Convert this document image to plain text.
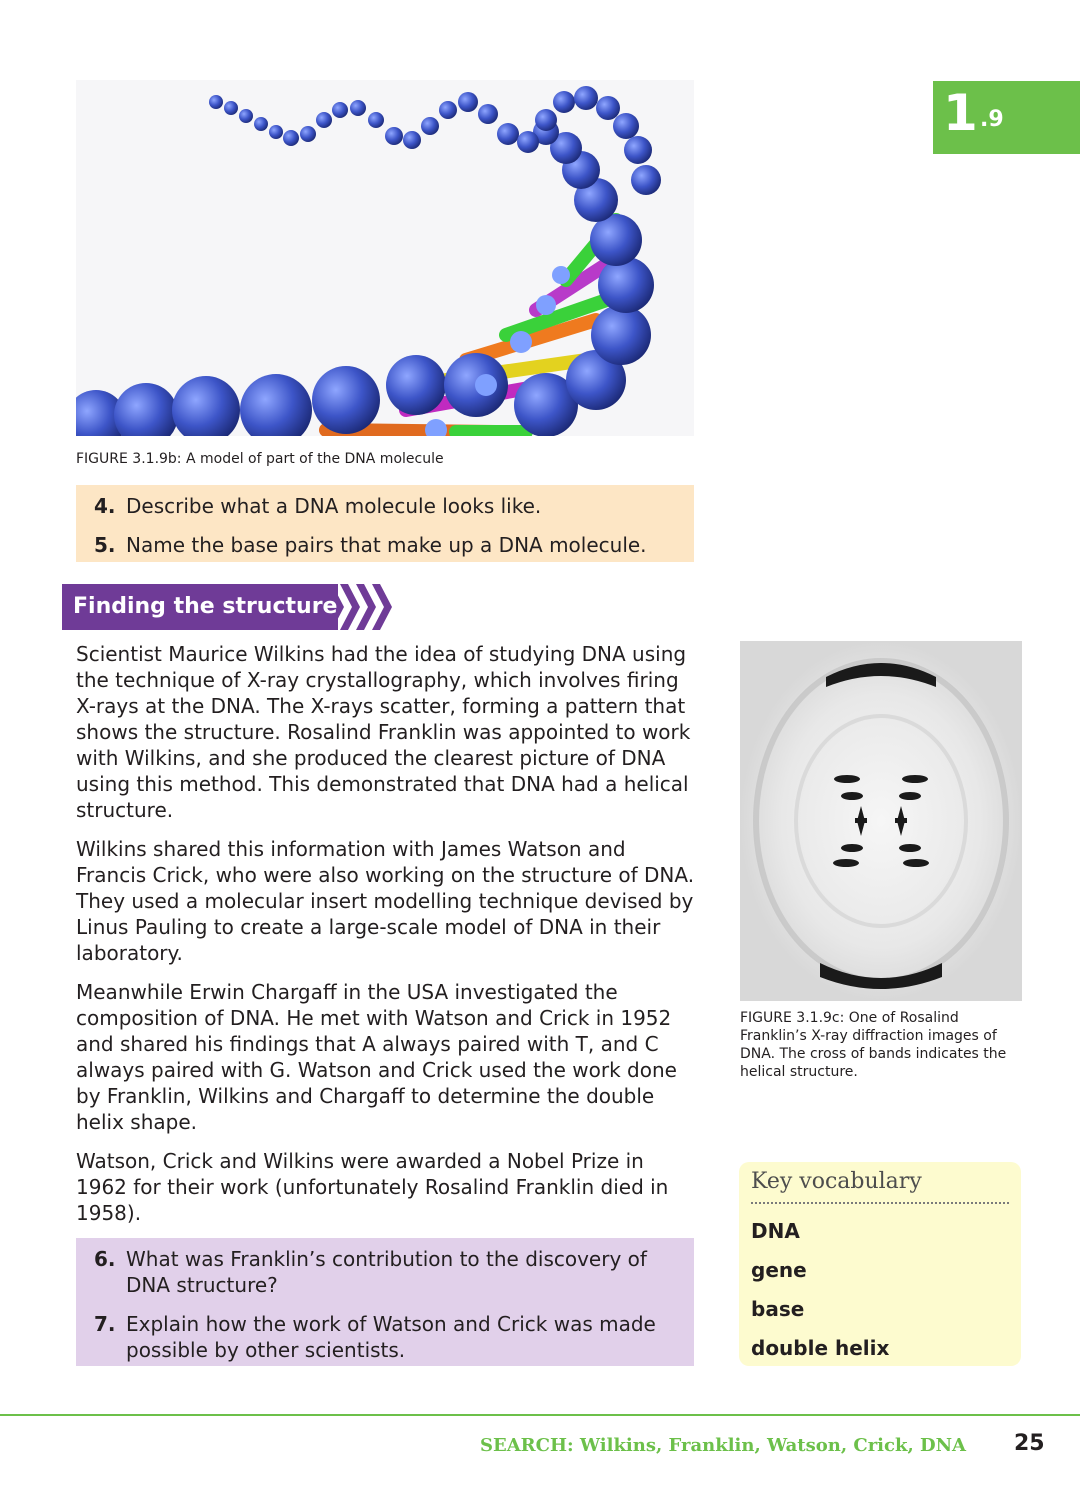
1 .9
FIGURE 3.1.9b: A model of part of the DNA molecule
4. Describe what a DNA molecule looks like.
5. Name the base pairs that make up a DNA molecule.
Finding the structure

Scientist Maurice Wilkins had the idea of studying DNA using the technique of X-ray crystallography, which involves firing X-rays at the DNA. The X-rays scatter, forming a pattern that shows the structure. Rosalind Franklin was appointed to work with Wilkins, and she produced the clearest picture of DNA using this method. This demonstrated that DNA had a helical structure.

Wilkins shared this information with James Watson and Francis Crick, who were also working on the structure of DNA. They used a molecular insert modelling technique devised by Linus Pauling to create a large-scale model of DNA in their laboratory.

Meanwhile Erwin Chargaff in the USA investigated the composition of DNA. He met with Watson and Crick in 1952 and shared his findings that A always paired with T, and C always paired with G. Watson and Crick used the work done by Franklin, Wilkins and Chargaff to determine the double helix shape.

Watson, Crick and Wilkins were awarded a Nobel Prize in 1962 for their work (unfortunately Rosalind Franklin died in 1958).

6. What was Franklin’s contribution to the discovery of DNA structure?
7. Explain how the work of Watson and Crick was made possible by other scientists.
FIGURE 3.1.9c: One of Rosalind Franklin’s X-ray diffraction images of DNA. The cross of bands indicates the helical structure.
Key vocabulary
DNA
gene
base
double helix
SEARCH: Wilkins, Franklin, Watson, Crick, DNA 25
